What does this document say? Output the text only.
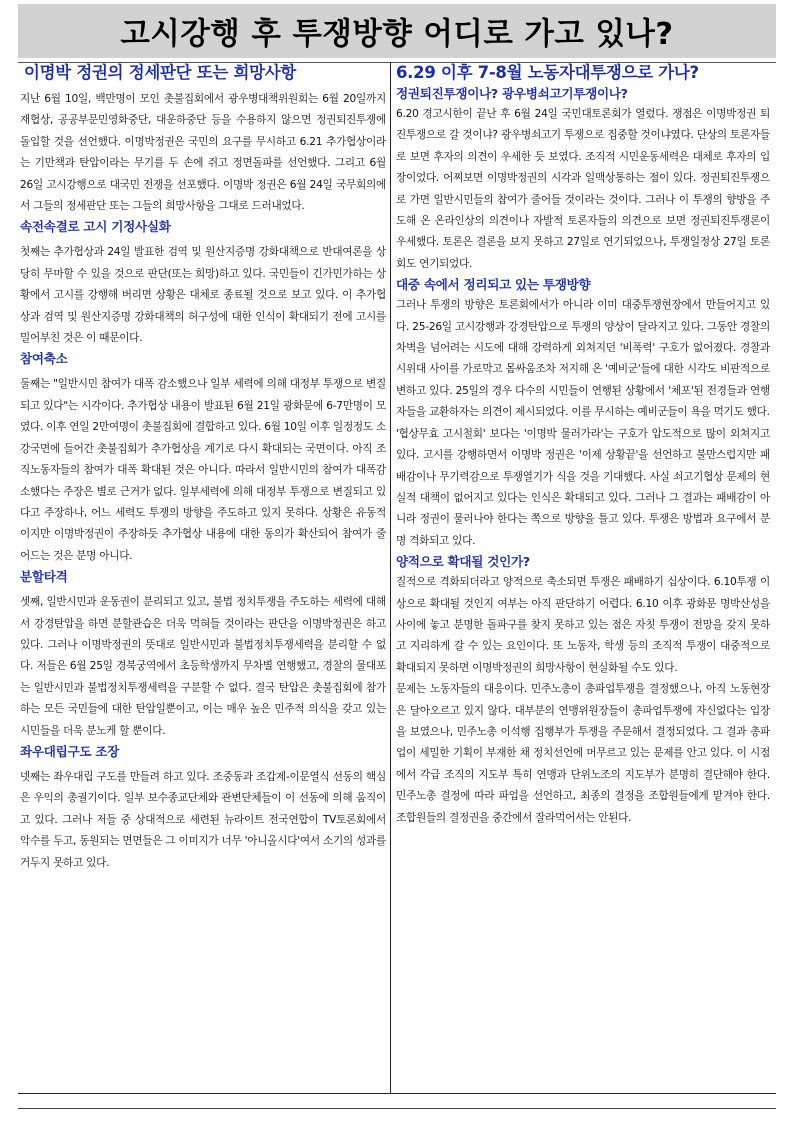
고시강행 후 투쟁방향 어디로 가고 있나?
이명박 정권의 정세판단 또는 희망사항

지난 6월 10일, 백만명이 모인 촛불집회에서 광우병대책위원회는 6월 20일까지 재협상, 공공부문민영화중단, 대운하중단 등을 수용하지 않으면 정권퇴진투쟁에 돌입할 것을 선언했다. 이명박정권은 국민의 요구를 무시하고 6.21 추가협상이라는 기만책과 탄압이라는 무기를 두 손에 쥐고 정면돌파를 선언했다. 그리고 6월 26일 고시강행으로 대국민 전쟁을 선포했다. 이명박 정권은 6월 24일 국무회의에서 그들의 정세판단 또는 그들의 희망사항을 그대로 드러내었다.

속전속결로 고시 기정사실화

첫째는 추가협상과 24일 발표한 검역 및 원산지증명 강화대책으로 반대여론을 상당히 무마할 수 있을 것으로 판단(또는 희망)하고 있다. 국민들이 긴가민가하는 상황에서 고시를 강행해 버리면 상황은 대체로 종료될 것으로 보고 있다. 이 추가협상과 검역 및 원산지증명 강화대책의 허구성에 대한 인식이 확대되기 전에 고시를 밀어부친 것은 이 때문이다.

참여축소

둘째는 "일반시민 참여가 대폭 감소했으나 일부 세력에 의해 대정부 투쟁으로 변질되고 있다"는 시각이다. 추가협상 내용이 발표된 6월 21일 광화문에 6-7만명이 모였다. 이후 연일 2만여명이 촛불집회에 결합하고 있다. 6월 10일 이후 일정정도 소강국면에 들어간 촛불집회가 추가협상을 계기로 다시 확대되는 국면이다. 아직 조직노동자들의 참여가 대폭 확대된 것은 아니다. 따라서 일반시민의 참여가 대폭감소했다는 주장은 별로 근거가 없다. 일부세력에 의해 대정부 투쟁으로 변질되고 있다고 주장하나, 어느 세력도 투쟁의 방향을 주도하고 있지 못하다. 상황은 유동적이지만 이명박정권이 주장하듯 추가협상 내용에 대한 동의가 확산되어 참여가 줄어드는 것은 분명 아니다.

분할타격

셋째, 일반시민과 운동권이 분리되고 있고, 불법 정치투쟁을 주도하는 세력에 대해서 강경탄압을 하면 분할관습은 더욱 먹혀들 것이라는 판단을 이명박정권은 하고 있다. 그러나 이명박정권의 뜻대로 일반시민과 불법정치투쟁세력을 분리할 수 없다. 저들은 6월 25일 경북궁역에서 초등학생까지 무차별 연행했고, 경찰의 물대포는 일반시민과 불법정치투쟁세력을 구분할 수 없다. 결국 탄압은 촛불집회에 참가하는 모든 국민들에 대한 탄압일뿐이고, 이는 매우 높은 민주적 의식을 갖고 있는 시민들을 더욱 분노케 할 뿐이다.

좌우대립구도 조장

넷째는 좌우대립 구도를 만들려 하고 있다. 조중동과 조갑제-이문열식 선동의 핵심은 우익의 총궐기이다. 일부 보수종교단체와 관변단체들이 이 선동에 의해 움직이고 있다. 그러나 저들 중 상대적으로 세련된 뉴라이트 전국연합이 TV토론회에서 악수를 두고, 동원되는 면면들은 그 이미지가 너무 '아니올시다'여서 소기의 성과를 거두지 못하고 있다.

6.29 이후 7-8월 노동자대투쟁으로 가나?
정권퇴진투쟁이나? 광우병쇠고기투쟁이나?

6.20 경고시한이 끝난 후 6월 24일 국민대토론회가 열렸다. 쟁점은 이명박정권 퇴진투쟁으로 갈 것이냐? 광우병쇠고기 투쟁으로 집중할 것이냐였다. 단상의 토론자들로 보면 후자의 의견이 우세한 듯 보였다. 조직적 시민운동세력은 대체로 후자의 입장이었다. 어찌보면 이명박정권의 시각과 일맥상통하는 점이 있다. 정권퇴진투쟁으로 가면 일반시민들의 참여가 줄어들 것이라는 것이다. 그러나 이 투쟁의 향방을 주도해 온 온라인상의 의견이나 자발적 토론자들의 의견으로 보면 정권퇴진투쟁론이 우세했다. 토론은 결론을 보지 못하고 27일로 연기되었으나, 투쟁일정상 27일 토론회도 연기되었다.

대중 속에서 정리되고 있는 투쟁방향

그러나 투쟁의 방향은 토론회에서가 아니라 이미 대중투쟁현장에서 만들어지고 있다. 25-26일 고시강행과 강경탄압으로 투쟁의 양상이 달라지고 있다. 그동안 경찰의 차벽을 넘어려는 시도에 대해 강력하게 외쳐지던 '비폭력' 구호가 없어졌다. 경찰과 시위대 사이를 가로막고 몸싸움조차 저지해 온 '예비군'들에 대한 시각도 비판적으로 변하고 있다. 25일의 경우 다수의 시민들이 연행된 상황에서 '체포'된 전경들과 연행자들을 교환하자는 의견이 제시되었다. 이를 무시하는 예비군들이 욕을 먹기도 했다.

'협상무효 고시철회' 보다는 '이명박 물러가라'는 구호가 압도적으로 많이 외쳐지고 있다. 고시를 강행하면서 이명박 정권은 '이제 상황끝'을 선언하고 불만스럽지만 패배감이나 무기력감으로 투쟁열기가 식을 것을 기대했다. 사실 쇠고기협상 문제의 현실적 대책이 없어지고 있다는 인식은 확대되고 있다. 그러나 그 결과는 패배감이 아니라 정권이 물러나야 한다는 쪽으로 방향을 틀고 있다. 투쟁은 방법과 요구에서 분명 격화되고 있다.

양적으로 확대될 것인가?

질적으로 격화되더라고 양적으로 축소되면 투쟁은 패배하기 십상이다. 6.10투쟁 이상으로 확대될 것인지 여부는 아직 판단하기 어렵다. 6.10 이후 광화문 명박산성을 사이에 놓고 분명한 돌파구를 찾지 못하고 있는 점은 자칫 투쟁이 전망을 갖지 못하고 지리하게 갈 수 있는 요인이다. 또 노동자, 학생 등의 조직적 투쟁이 대중적으로 확대되지 못하면 이명박정권의 희망사항이 현실화될 수도 있다.

문제는 노동자들의 대응이다. 민주노총이 총파업투쟁을 결정했으나, 아직 노동현장은 달아오르고 있지 않다. 대부분의 연맹위원장들이 총파업투쟁에 자신없다는 입장을 보였으나, 민주노총 이석행 집행부가 투쟁을 주문해서 결정되었다. 그 결과 총파업이 세밀한 기획이 부재한 채 정치선언에 머무르고 있는 문제를 안고 있다. 이 시점에서 각급 조직의 지도부 특히 연맹과 단위노조의 지도부가 분명히 결단해야 한다. 민주노총 결정에 따라 파업을 선언하고, 최종의 결정을 조합원들에게 맡겨야 한다. 조합원들의 결정권을 중간에서 잘라먹어서는 안된다.
